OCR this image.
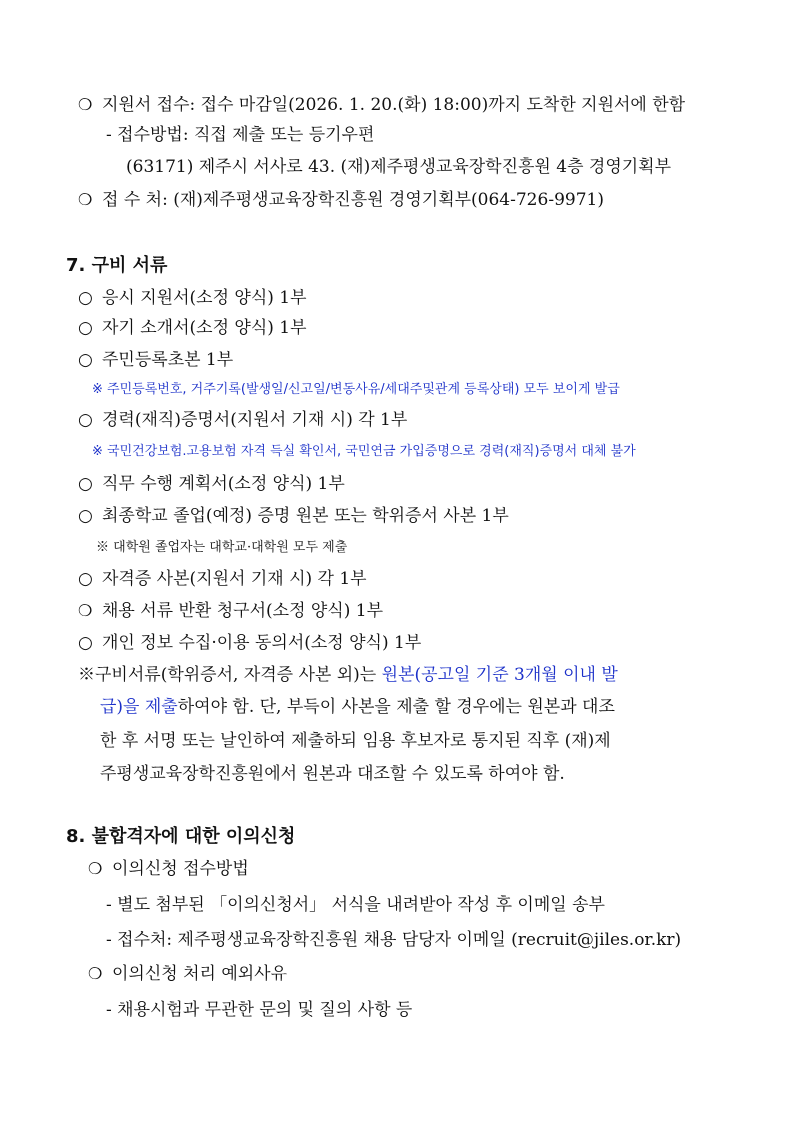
❍ 지원서 접수: 접수 마감일(2026. 1. 20.(화) 18:00)까지 도착한 지원서에 한함
- 접수방법: 직접 제출 또는 등기우편
(63171) 제주시 서사로 43. (재)제주평생교육장학진흥원 4층 경영기획부
❍ 접 수 처: (재)제주평생교육장학진흥원 경영기획부(064-726-9971)
7. 구비 서류
○ 응시 지원서(소정 양식) 1부
○ 자기 소개서(소정 양식) 1부
○ 주민등록초본 1부
※ 주민등록번호, 거주기록(발생일/신고일/변동사유/세대주및관계 등록상태) 모두 보이게 발급
○ 경력(재직)증명서(지원서 기재 시) 각 1부
※ 국민건강보험.고용보험 자격 득실 확인서, 국민연금 가입증명으로 경력(재직)증명서 대체 불가
○ 직무 수행 계획서(소정 양식) 1부
○ 최종학교 졸업(예정) 증명 원본 또는 학위증서 사본 1부
※ 대학원 졸업자는 대학교·대학원 모두 제출
○ 자격증 사본(지원서 기재 시) 각 1부
❍ 채용 서류 반환 청구서(소정 양식) 1부
○ 개인 정보 수집·이용 동의서(소정 양식) 1부
※구비서류(학위증서, 자격증 사본 외)는 원본(공고일 기준 3개월 이내 발
급)을 제출하여야 함. 단, 부득이 사본을 제출 할 경우에는 원본과 대조
한 후 서명 또는 날인하여 제출하되 임용 후보자로 통지된 직후 (재)제
주평생교육장학진흥원에서 원본과 대조할 수 있도록 하여야 함.
8. 불합격자에 대한 이의신청
❍ 이의신청 접수방법
- 별도 첨부된 「이의신청서」 서식을 내려받아 작성 후 이메일 송부
- 접수처: 제주평생교육장학진흥원 채용 담당자 이메일 (recruit@jiles.or.kr)
❍ 이의신청 처리 예외사유
- 채용시험과 무관한 문의 및 질의 사항 등
